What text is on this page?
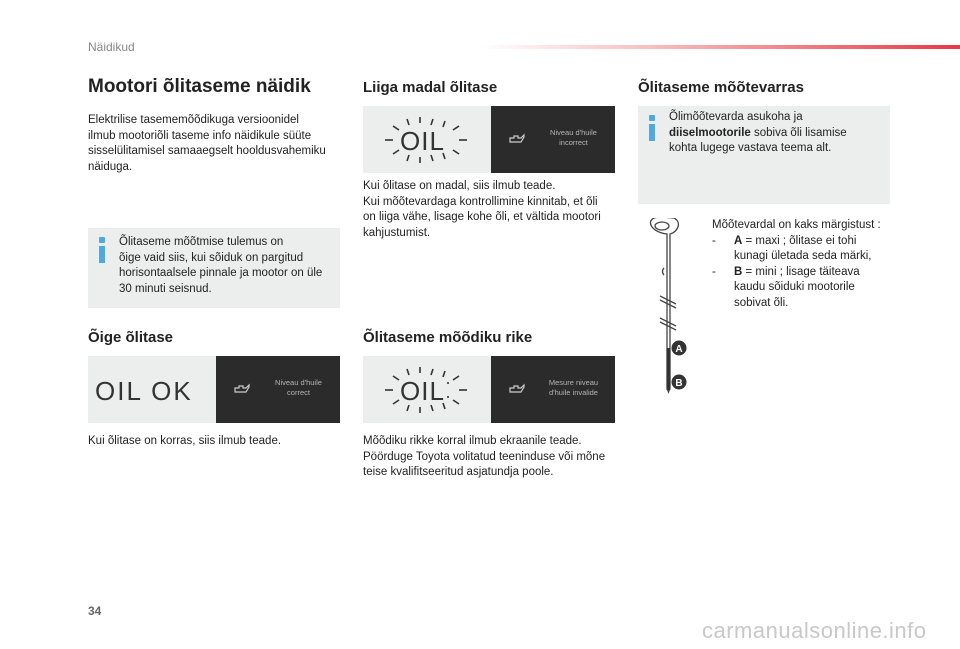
Näidikud
Mootori õlitaseme näidik

Elektrilise tasememõõdikuga versioonidel
ilmub mootoriõli taseme info näidikule süüte
sisselülitamisel samaaegselt hooldusvahemiku
näiduga.

Õlitaseme mõõtmise tulemus on
õige vaid siis, kui sõiduk on pargitud
horisontaalsele pinnale ja mootor on üle
30 minuti seisnud.

Õige õlitase
OIL OK	Niveau d'huile
correct

Kui õlitase on korras, siis ilmub teade.

Liiga madal õlitase
OIL	Niveau d'huile
incorrect

Kui õlitase on madal, siis ilmub teade.
Kui mõõtevardaga kontrollimine kinnitab, et õli
on liiga vähe, lisage kohe õli, et vältida mootori
kahjustumist.

Õlitaseme mõõdiku rike
OIL	Mesure niveau
d'huile invalide

Mõõdiku rikke korral ilmub ekraanile teade.
Pöörduge Toyota volitatud teeninduse või mõne
teise kvalifitseeritud asjatundja poole.

Õlitaseme mõõtevarras

Õlimõõtevarda asukoha ja
diiselmootorile sobiva õli lisamise
kohta lugege vastava teema alt.

A
B
Mõõtevardal on kaks märgistust :
-	A = maxi ; õlitase ei tohi
kunagi ületada seda märki,
-	B = mini ; lisage täiteava
kaudu sõiduki mootorile
sobivat õli.
34
carmanualsonline.info
